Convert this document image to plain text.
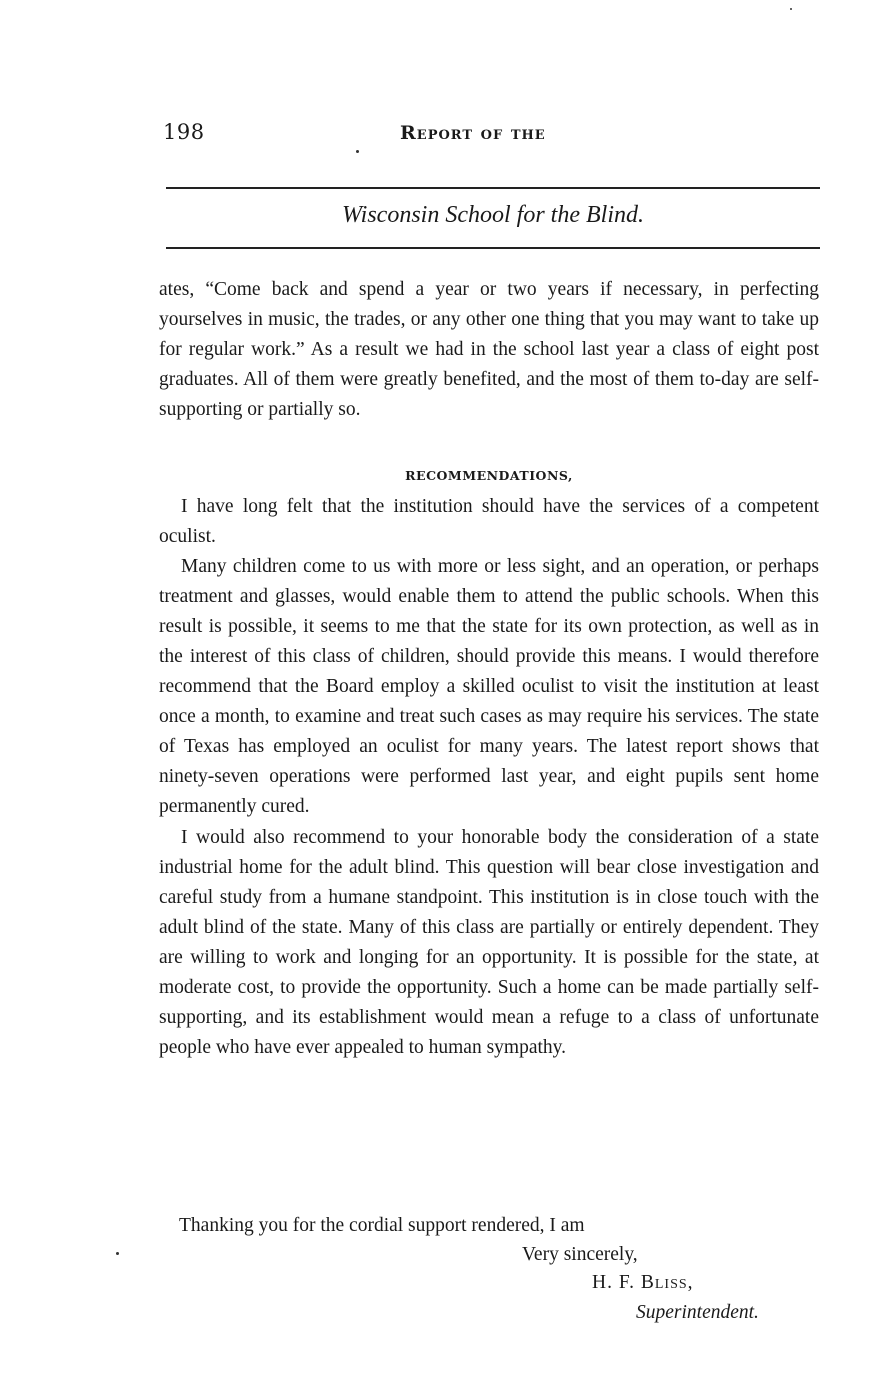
198	Report of the
Wisconsin School for the Blind.

ates, “Come back and spend a year or two years if necessary, in perfecting yourselves in music, the trades, or any other one thing that you may want to take up for regular work.” As a result we had in the school last year a class of eight post graduates. All of them were greatly benefited, and the most of them to-day are self-supporting or partially so.

RECOMMENDATIONS,

I have long felt that the institution should have the services of a competent oculist.

Many children come to us with more or less sight, and an operation, or perhaps treatment and glasses, would enable them to attend the public schools. When this result is possible, it seems to me that the state for its own protection, as well as in the interest of this class of children, should provide this means. I would therefore recommend that the Board employ a skilled oculist to visit the institution at least once a month, to examine and treat such cases as may require his services. The state of Texas has employed an oculist for many years. The latest report shows that ninety-seven operations were performed last year, and eight pupils sent home permanently cured.

I would also recommend to your honorable body the consideration of a state industrial home for the adult blind. This question will bear close investigation and careful study from a humane standpoint. This institution is in close touch with the adult blind of the state. Many of this class are partially or entirely dependent. They are willing to work and longing for an opportunity. It is possible for the state, at moderate cost, to provide the opportunity. Such a home can be made partially self-supporting, and its establishment would mean a refuge to a class of unfortunate people who have ever appealed to human sympathy.

Thanking you for the cordial support rendered, I am
Very sincerely,
H. F. Bliss,
Superintendent.
